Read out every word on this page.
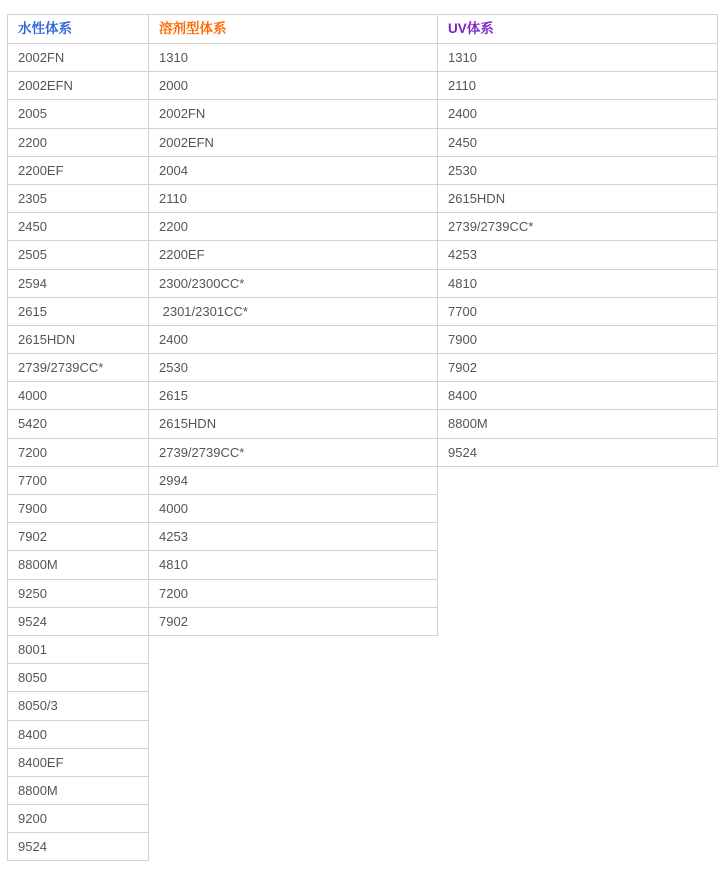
水性体系
2002FN
2002EFN
2005
2200
2200EF
2305
2450
2505
2594
2615
2615HDN
2739/2739CC*
4000
5420
7200
7700
7900
7902
8800M
9250
9524
8001
8050
8050/3
8400
8400EF
8800M
9200
9524
溶剂型体系
1310
2000
2002FN
2002EFN
2004
2110
2200
2200EF
2300/2300CC*
2301/2301CC*
2400
2530
2615
2615HDN
2739/2739CC*
2994
4000
4253
4810
7200
7902
UV体系
1310
2110
2400
2450
2530
2615HDN
2739/2739CC*
4253
4810
7700
7900
7902
8400
8800M
9524
